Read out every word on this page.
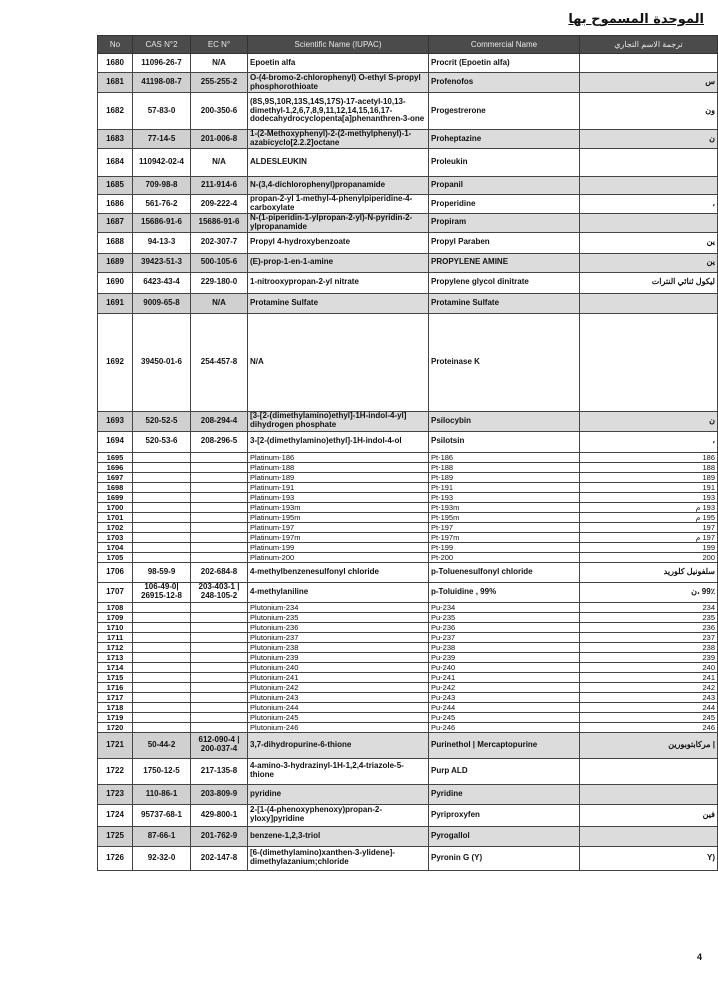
الموحدة المسموح بها
No	CAS N°2	EC N°	Scientific Name (IUPAC)	Commercial Name	ترجمة الاسم التجاري
1680	11096-26-7	N/A	Epoetin alfa	Procrit (Epoetin alfa)	
1681	41198-08-7	255-255-2	O-(4-bromo-2-chlorophenyl) O-ethyl S-propyl phosphorothioate	Profenofos	س
1682	57-83-0	200-350-6	(8S,9S,10R,13S,14S,17S)-17-acetyl-10,13-dimethyl-1,2,6,7,8,9,11,12,14,15,16,17-dodecahydrocyclopenta[a]phenanthren-3-one	Progestrerone	ون
1683	77-14-5	201-006-8	1-(2-Methoxyphenyl)-2-(2-methylphenyl)-1-azabicyclo[2.2.2]octane	Proheptazine	ن
1684	110942-02-4	N/A	ALDESLEUKIN	Proleukin	
1685	709-98-8	211-914-6	N-(3,4-dichlorophenyl)propanamide	Propanil	
1686	561-76-2	209-222-4	propan-2-yl 1-methyl-4-phenylpiperidine-4-carboxylate	Properidine	،
1687	15686-91-6	15686-91-6	N-(1-piperidin-1-ylpropan-2-yl)-N-pyridin-2-ylpropanamide	Propiram	
1688	94-13-3	202-307-7	Propyl 4-hydroxybenzoate	Propyl Paraben	ين
1689	39423-51-3	500-105-6	(E)-prop-1-en-1-amine	PROPYLENE AMINE	ين
1690	6423-43-4	229-180-0	1-nitrooxypropan-2-yl nitrate	Propylene glycol dinitrate	ليكول ثنائي النترات
1691	9009-65-8	N/A	Protamine Sulfate	Protamine Sulfate	
1692	39450-01-6	254-457-8	N/A	Proteinase K	
1693	520-52-5	208-294-4	[3-[2-(dimethylamino)ethyl]-1H-indol-4-yl] dihydrogen phosphate	Psilocybin	ن
1694	520-53-6	208-296-5	3-[2-(dimethylamino)ethyl]-1H-indol-4-ol	Psilotsin	،
1695			Platinum-186	Pt-186	186
1696			Platinum-188	Pt-188	188
1697			Platinum-189	Pt-189	189
1698			Platinum-191	Pt-191	191
1699			Platinum-193	Pt-193	193
1700			Platinum-193m	Pt-193m	193 م
1701			Platinum-195m	Pt-195m	195 م
1702			Platinum-197	Pt-197	197
1703			Platinum-197m	Pt-197m	197 م
1704			Platinum-199	Pt-199	199
1705			Platinum-200	Pt-200	200
1706	98-59-9	202-684-8	4-methylbenzenesulfonyl chloride	p-Toluenesulfonyl chloride	سلفونيل كلوريد
1707	106-49-0| 26915-12-8	203-403-1 | 248-105-2	4-methylaniline	p-Toluidine , 99%	99٪ ،ن
1708			Plutonium-234	Pu-234	234
1709			Plutonium-235	Pu-235	235
1710			Plutonium-236	Pu-236	236
1711			Plutonium-237	Pu-237	237
1712			Plutonium-238	Pu-238	238
1713			Plutonium-239	Pu-239	239
1714			Plutonium-240	Pu-240	240
1715			Plutonium-241	Pu-241	241
1716			Plutonium-242	Pu-242	242
1717			Plutonium-243	Pu-243	243
1718			Plutonium-244	Pu-244	244
1719			Plutonium-245	Pu-245	245
1720			Plutonium-246	Pu-246	246
1721	50-44-2	612-090-4 | 200-037-4	3,7-dihydropurine-6-thione	Purinethol | Mercaptopurine	| مركابتوبورين
1722	1750-12-5	217-135-8	4-amino-3-hydrazinyl-1H-1,2,4-triazole-5-thione	Purp ALD	
1723	110-86-1	203-809-9	pyridine	Pyridine	
1724	95737-68-1	429-800-1	2-[1-(4-phenoxyphenoxy)propan-2-yloxy]pyridine	Pyriproxyfen	فين
1725	87-66-1	201-762-9	benzene-1,2,3-triol	Pyrogallol	
1726	92-32-0	202-147-8	[6-(dimethylamino)xanthen-3-ylidene]-dimethylazanium;chloride	Pyronin G (Y)	(Y
4
